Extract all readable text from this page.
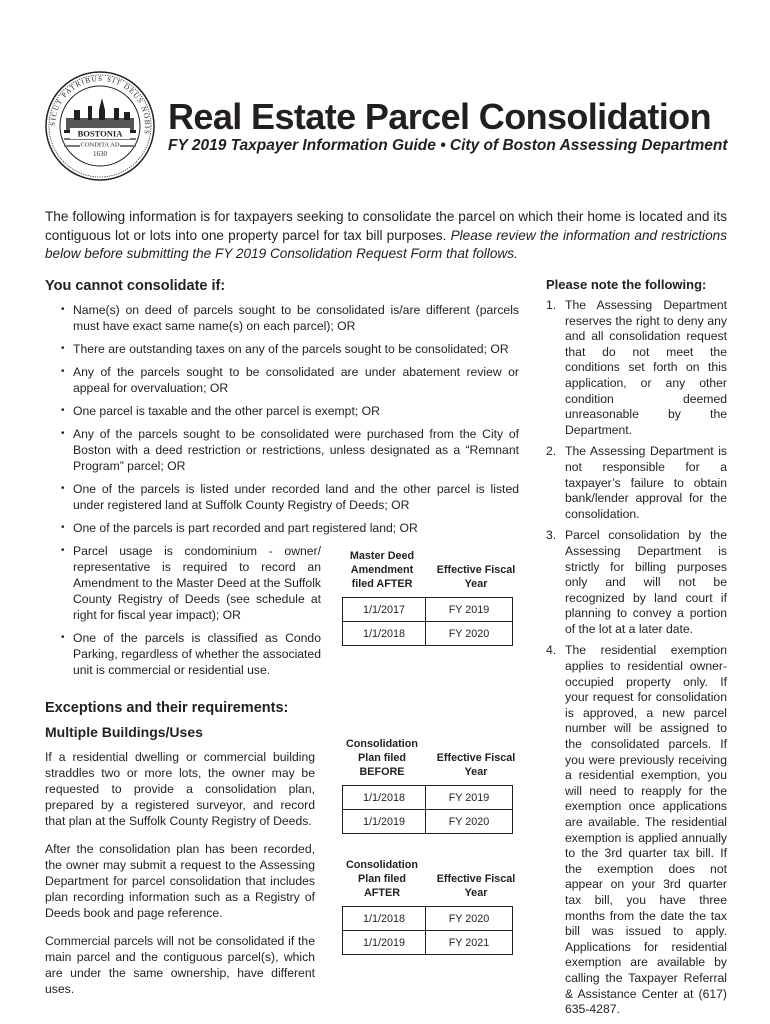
SICUT PATRIBUS SIT DEUS NOBIS
BOSTONIA
CONDITA AD
1630
Real Estate Parcel Consolidation
FY 2019 Taxpayer Information Guide • City of Boston Assessing Department
The following information is for taxpayers seeking to consolidate the parcel on which their home is located and its contiguous lot or lots into one property parcel for tax bill purposes. Please review the information and restrictions below before submitting the FY 2019 Consolidation Request Form that follows.

You cannot consolidate if:

• Name(s) on deed of parcels sought to be consolidated is/are different (parcels must have exact same name(s) on each parcel); OR
• There are outstanding taxes on any of the parcels sought to be consolidated; OR
• Any of the parcels sought to be consolidated are under abatement review or appeal for overvaluation; OR
• One parcel is taxable and the other parcel is exempt; OR
• Any of the parcels sought to be consolidated were purchased from the City of Boston with a deed restriction or restrictions, unless designated as a “Remnant Program” parcel; OR
• One of the parcels is listed under recorded land and the other parcel is listed under registered land at Suffolk County Registry of Deeds; OR
• One of the parcels is part recorded and part registered land; OR
• Parcel usage is condominium - owner/ representative is required to record an Amendment to the Master Deed at the Suffolk County Registry of Deeds (see schedule at right for fiscal year impact); OR
• One of the parcels is classified as Condo Parking, regardless of whether the associated unit is commercial or residential use.

Exceptions and their requirements:

Multiple Buildings/Uses

If a residential dwelling or commercial building straddles two or more lots, the owner may be requested to provide a consolidation plan, prepared by a registered surveyor, and record that plan at the Suffolk County Registry of Deeds.
After the consolidation plan has been recorded, the owner may submit a request to the Assessing Department for parcel consolidation that includes plan recording information such as a Registry of Deeds book and page reference.
Commercial parcels will not be consolidated if the main parcel and the contiguous parcel(s), which are under the same ownership, have different uses.
Master Deed Amendment filed AFTER
Effective Fiscal Year
1/1/2017	FY 2019
1/1/2018	FY 2020
Consolidation Plan filed BEFORE
Effective Fiscal Year
1/1/2018	FY 2019
1/1/2019	FY 2020
Consolidation Plan filed AFTER
Effective Fiscal Year
1/1/2018	FY 2020
1/1/2019	FY 2021

Please note the following:

1. The Assessing Department reserves the right to deny any and all consolidation request that do not meet the conditions set forth on this application, or any other condition deemed unreasonable by the Department.
2. The Assessing Department is not responsible for a taxpayer’s failure to obtain bank/lender approval for the consolidation.
3. Parcel consolidation by the Assessing Department is strictly for billing purposes only and will not be recognized by land court if planning to convey a portion of the lot at a later date.
4. The residential exemption applies to residential owner-occupied property only. If your request for consolidation is approved, a new parcel number will be assigned to the consolidated parcels. If you were previously receiving a residential exemption, you will need to reapply for the exemption once applications are available. The residential exemption is applied annually to the 3rd quarter tax bill. If the exemption does not appear on your 3rd quarter tax bill, you have three months from the date the tax bill was issued to apply. Applications for residential exemption are available by calling the Taxpayer Referral & Assistance Center at (617) 635-4287.
